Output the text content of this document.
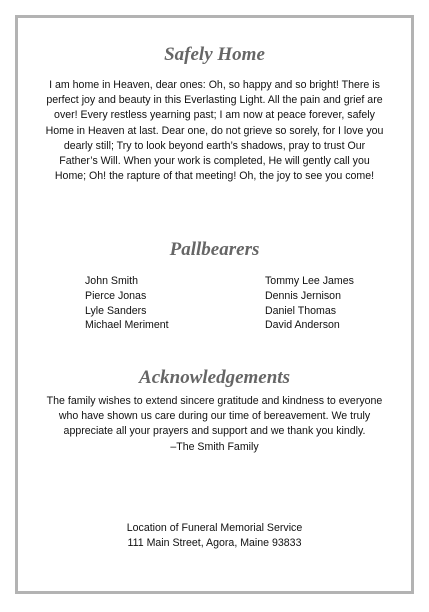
Safely Home

I am home in Heaven, dear ones: Oh, so happy and so bright! There is perfect joy and beauty in this Everlasting Light. All the pain and grief are over! Every restless yearning past; I am now at peace forever, safely Home in Heaven at last. Dear one, do not grieve so sorely, for I love you dearly still; Try to look beyond earth’s shadows, pray to trust Our Father’s Will. When your work is completed, He will gently call you Home; Oh! the rapture of that meeting! Oh, the joy to see you come!

Pallbearers
John Smith
Pierce Jonas
Lyle Sanders
Michael Meriment
Tommy Lee James
Dennis Jernison
Daniel Thomas
David Anderson
Acknowledgements

The family wishes to extend sincere gratitude and kindness to everyone who have shown us care during our time of bereavement. We truly appreciate all your prayers and support and we thank you kindly.
–The Smith Family

Location of Funeral Memorial Service
111 Main Street, Agora, Maine 93833
